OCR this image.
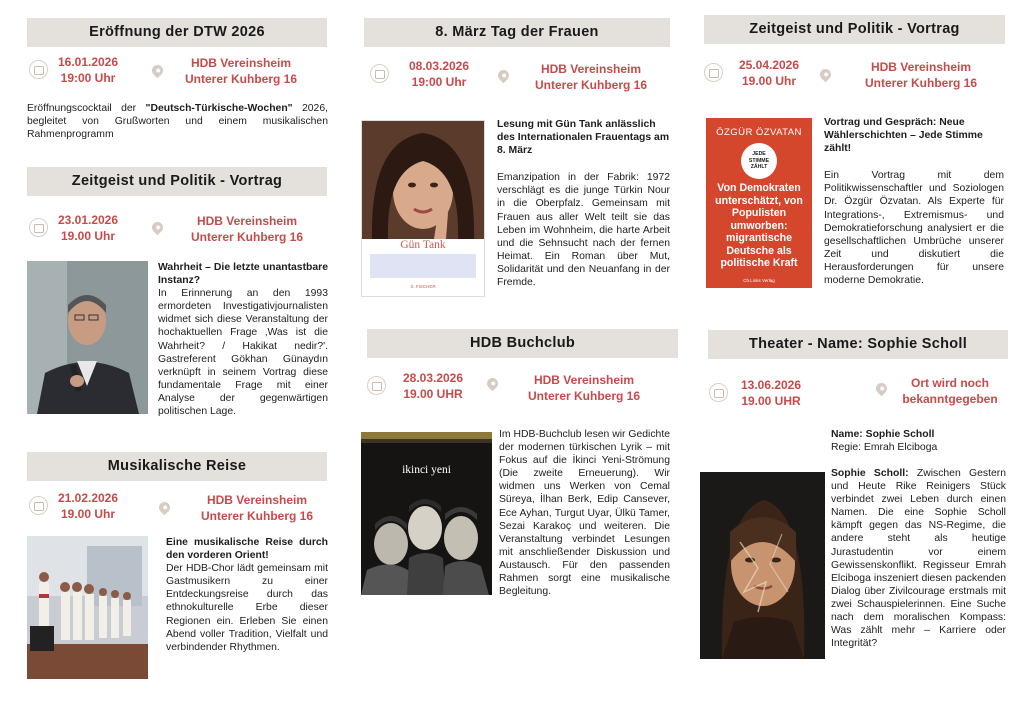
Eröffnung der DTW 2026
16.01.2026
19:00 Uhr
HDB Vereinsheim
Unterer Kuhberg 16
Eröffnungscocktail der "Deutsch-Türkische-Wochen" 2026, begleitet von Grußworten und einem musikalischen Rahmenprogramm
Zeitgeist und Politik - Vortrag
23.01.2026
19.00 Uhr
HDB Vereinsheim
Unterer Kuhberg 16
Wahrheit – Die letzte unantastbare Instanz?
In Erinnerung an den 1993 ermordeten Investigativjournalisten widmet sich diese Veranstaltung der hochaktuellen Frage ‚Was ist die Wahrheit? / Hakikat nedir?'. Gastreferent Gökhan Günaydın verknüpft in seinem Vortrag diese fundamentale Frage mit einer Analyse der gegenwärtigen politischen Lage.
Musikalische Reise
21.02.2026
19.00 Uhr
HDB Vereinsheim
Unterer Kuhberg 16
Eine musikalische Reise durch den vorderen Orient!
Der HDB-Chor lädt gemeinsam mit Gastmusikern zu einer Entdeckungsreise durch das ethnokulturelle Erbe dieser Regionen ein. Erleben Sie einen Abend voller Tradition, Vielfalt und verbindender Rhythmen.
8. März Tag der Frauen
08.03.2026
19:00 Uhr
HDB Vereinsheim
Unterer Kuhberg 16
Gün Tank
S. FISCHER
Lesung mit Gün Tank anlässlich des Internationalen Frauentags am 8. März
Emanzipation in der Fabrik: 1972 verschlägt es die junge Türkin Nour in die Oberpfalz. Gemeinsam mit Frauen aus aller Welt teilt sie das Leben im Wohnheim, die harte Arbeit und die Sehnsucht nach der fernen Heimat. Ein Roman über Mut, Solidarität und den Neuanfang in der Fremde.
HDB Buchclub
28.03.2026
19.00 UHR
HDB Vereinsheim
Unterer Kuhberg 16
ikinci yeni
Im HDB-Buchclub lesen wir Gedichte der modernen türkischen Lyrik – mit Fokus auf die İkinci Yeni-Strömung (Die zweite Erneuerung). Wir widmen uns Werken von Cemal Süreya, İlhan Berk, Edip Cansever, Ece Ayhan, Turgut Uyar, Ülkü Tamer, Sezai Karakoç und weiteren. Die Veranstaltung verbindet Lesungen mit anschließender Diskussion und Austausch. Für den passenden Rahmen sorgt eine musikalische Begleitung.
Zeitgeist und Politik - Vortrag
25.04.2026
19.00 Uhr
HDB Vereinsheim
Unterer Kuhberg 16
ÖZGÜR ÖZVATAN
JEDE STIMME ZÄHLT
Von Demokraten unterschätzt, von Populisten umworben: migrantische Deutsche als politische Kraft
Ch.Links Verlag
Vortrag und Gespräch: Neue Wählerschichten – Jede Stimme zählt!
Ein Vortrag mit dem Politikwissenschaftler und Soziologen Dr. Özgür Özvatan. Als Experte für Integrations-, Extremismus- und Demokratieforschung analysiert er die gesellschaftlichen Umbrüche unserer Zeit und diskutiert die Herausforderungen für unsere moderne Demokratie.
Theater - Name: Sophie Scholl
13.06.2026
19.00 UHR
Ort wird noch
bekanntgegeben
Name: Sophie Scholl
Regie: Emrah Elciboga
Sophie Scholl: Zwischen Gestern und Heute Rike Reinigers Stück verbindet zwei Leben durch einen Namen. Die eine Sophie Scholl kämpft gegen das NS-Regime, die andere steht als heutige Jurastudentin vor einem Gewissenskonflikt. Regisseur Emrah Elciboga inszeniert diesen packenden Dialog über Zivilcourage erstmals mit zwei Schauspielerinnen. Eine Suche nach dem moralischen Kompass: Was zählt mehr – Karriere oder Integrität?
